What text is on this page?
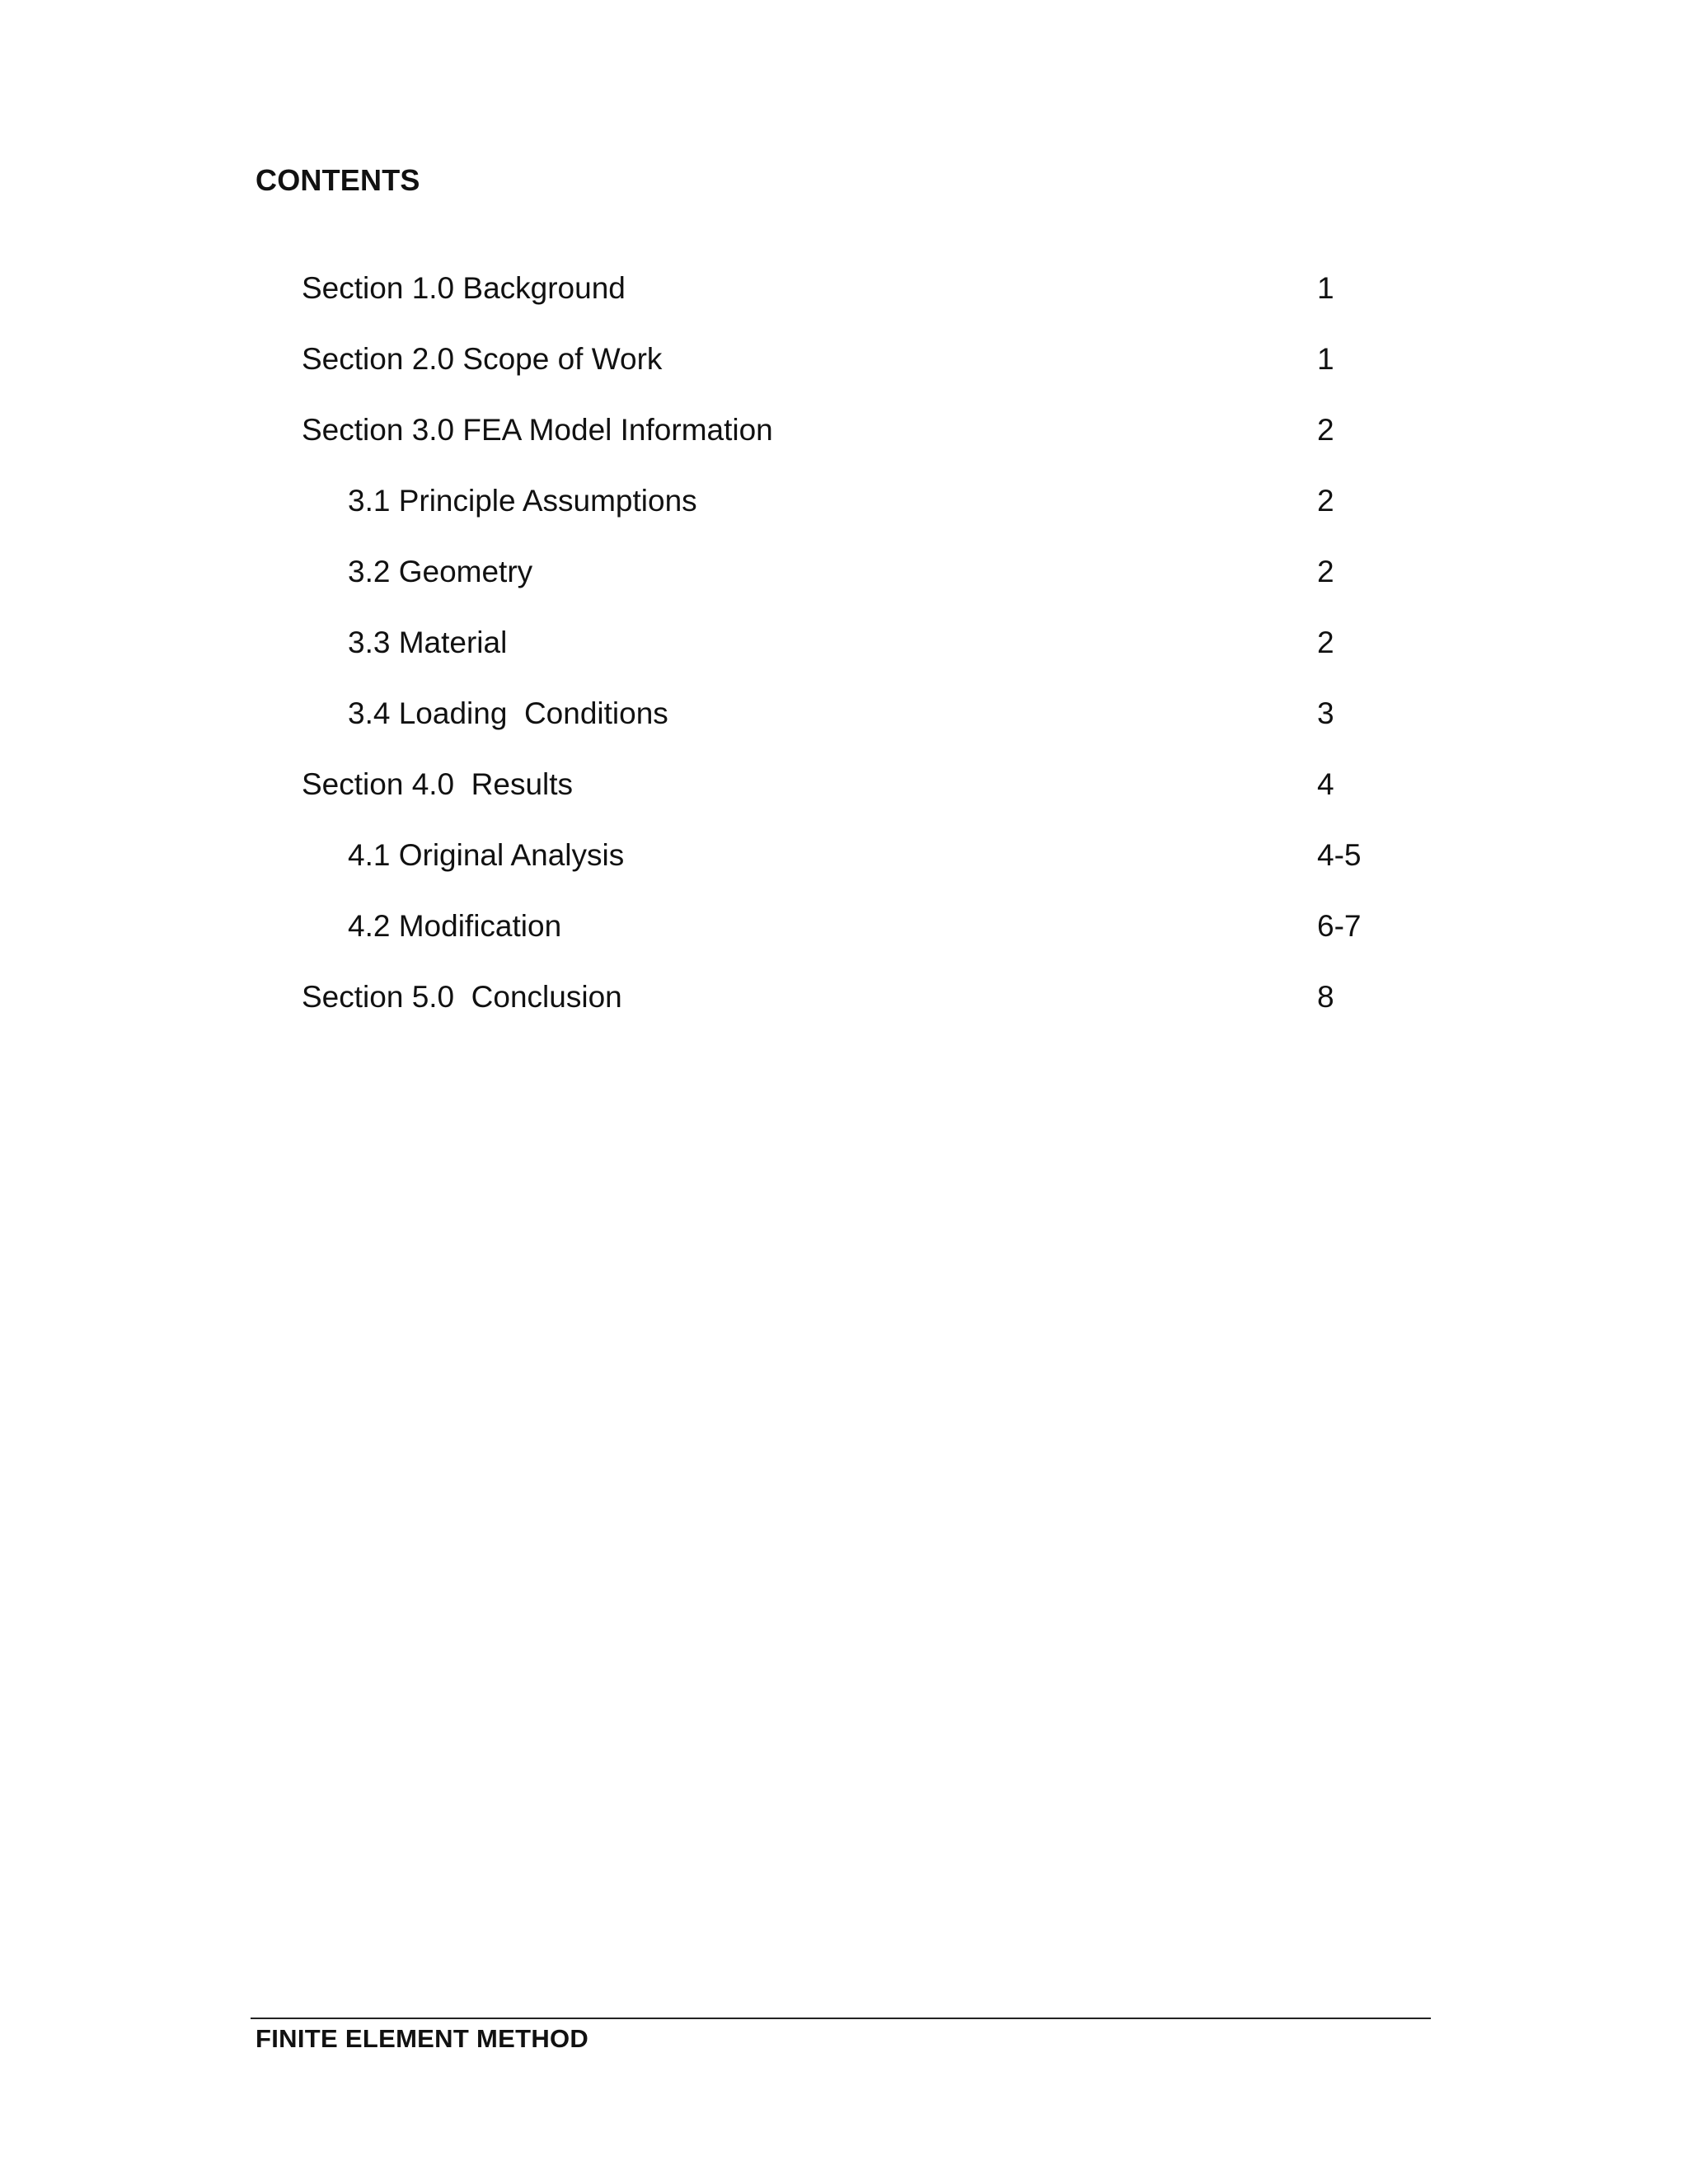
CONTENTS
Section 1.0 Background	1
Section 2.0 Scope of Work	1
Section 3.0 FEA Model Information	2
3.1 Principle Assumptions	2
3.2 Geometry	2
3.3 Material	2
3.4 Loading  Conditions	3
Section 4.0  Results	4
4.1 Original Analysis	4-5
4.2 Modification	6-7
Section 5.0  Conclusion	8
FINITE ELEMENT METHOD
